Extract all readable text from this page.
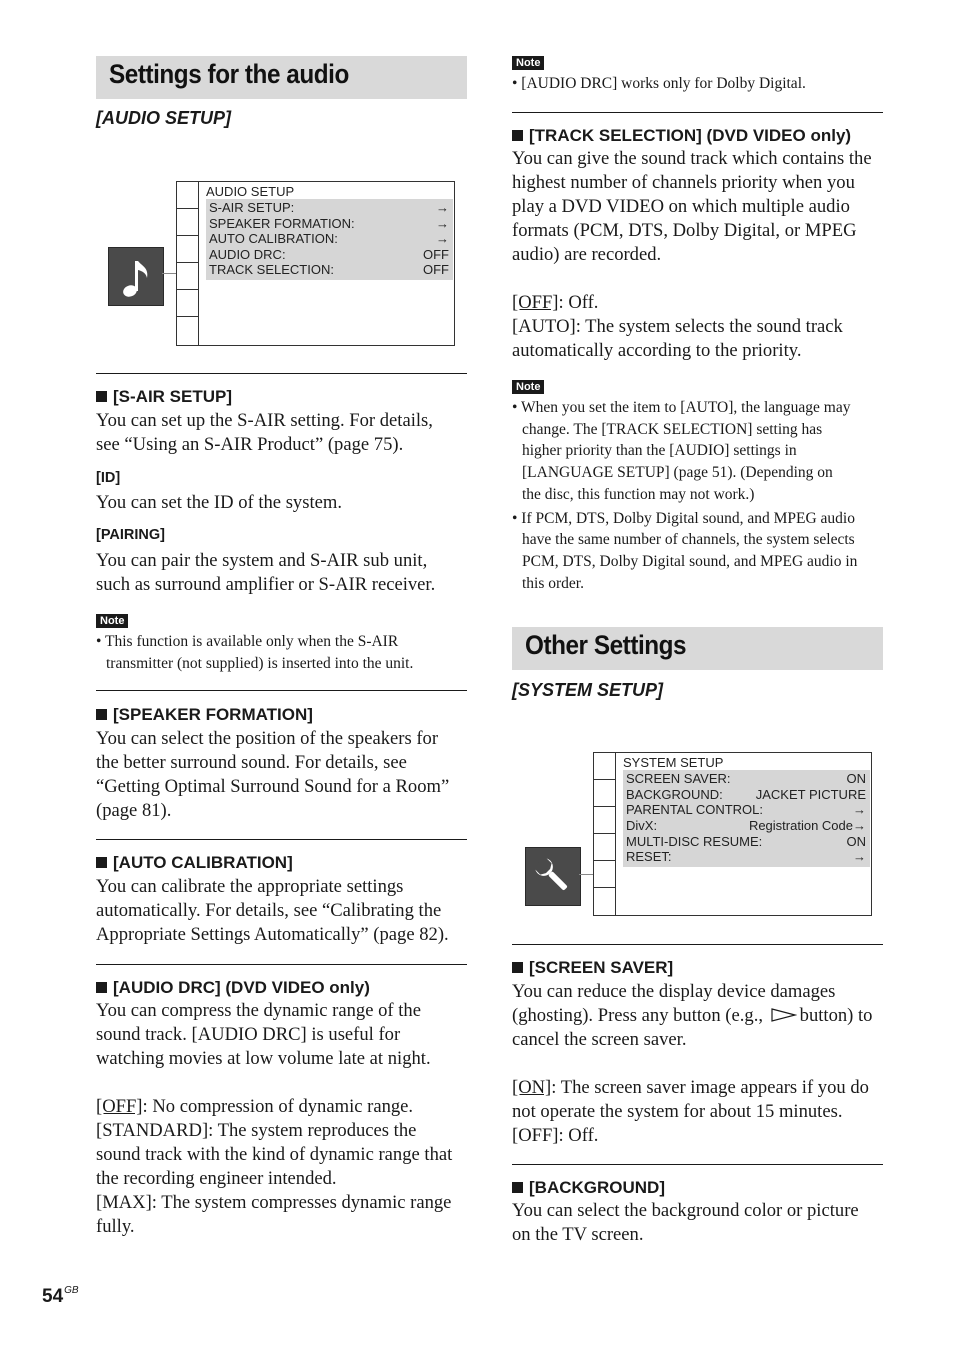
Settings for the audio
[AUDIO SETUP]
AUDIO SETUP
S-AIR SETUP:	→
SPEAKER FORMATION:	→
AUTO CALIBRATION:	→
AUDIO DRC:	OFF
TRACK SELECTION:	OFF
[S-AIR SETUP]
You can set up the S-AIR setting. For details,
see “Using an S-AIR Product” (page 75).
[ID]
You can set the ID of the system.
[PAIRING]
You can pair the system and S-AIR sub unit,
such as surround amplifier or S-AIR receiver.
Note
• This function is available only when the S-AIR
transmitter (not supplied) is inserted into the unit.
[SPEAKER FORMATION]
You can select the position of the speakers for
the better surround sound. For details, see
“Getting Optimal Surround Sound for a Room”
(page 81).
[AUTO CALIBRATION]
You can calibrate the appropriate settings
automatically. For details, see “Calibrating the
Appropriate Settings Automatically” (page 82).
[AUDIO DRC] (DVD VIDEO only)
You can compress the dynamic range of the
sound track. [AUDIO DRC] is useful for
watching movies at low volume late at night.

[OFF]: No compression of dynamic range.
[STANDARD]: The system reproduces the
sound track with the kind of dynamic range that
the recording engineer intended.
[MAX]: The system compresses dynamic range
fully.
Note
• [AUDIO DRC] works only for Dolby Digital.
[TRACK SELECTION] (DVD VIDEO only)
You can give the sound track which contains the
highest number of channels priority when you
play a DVD VIDEO on which multiple audio
formats (PCM, DTS, Dolby Digital, or MPEG
audio) are recorded.

[OFF]: Off.
[AUTO]: The system selects the sound track
automatically according to the priority.
Note
• When you set the item to [AUTO], the language may
change. The [TRACK SELECTION] setting has
higher priority than the [AUDIO] settings in
[LANGUAGE SETUP] (page 51). (Depending on
the disc, this function may not work.)
• If PCM, DTS, Dolby Digital sound, and MPEG audio
have the same number of channels, the system selects
PCM, DTS, Dolby Digital sound, and MPEG audio in
this order.
Other Settings
[SYSTEM SETUP]
SYSTEM SETUP
SCREEN SAVER:	ON
BACKGROUND:	JACKET PICTURE
PARENTAL CONTROL:	→
DivX:	Registration Code→
MULTI-DISC RESUME:	ON
RESET:	→
[SCREEN SAVER]
You can reduce the display device damages
(ghosting). Press any button (e.g., button) to
cancel the screen saver.

[ON]: The screen saver image appears if you do
not operate the system for about 15 minutes.
[OFF]: Off.
[BACKGROUND]
You can select the background color or picture
on the TV screen.
$54^{GB}$
